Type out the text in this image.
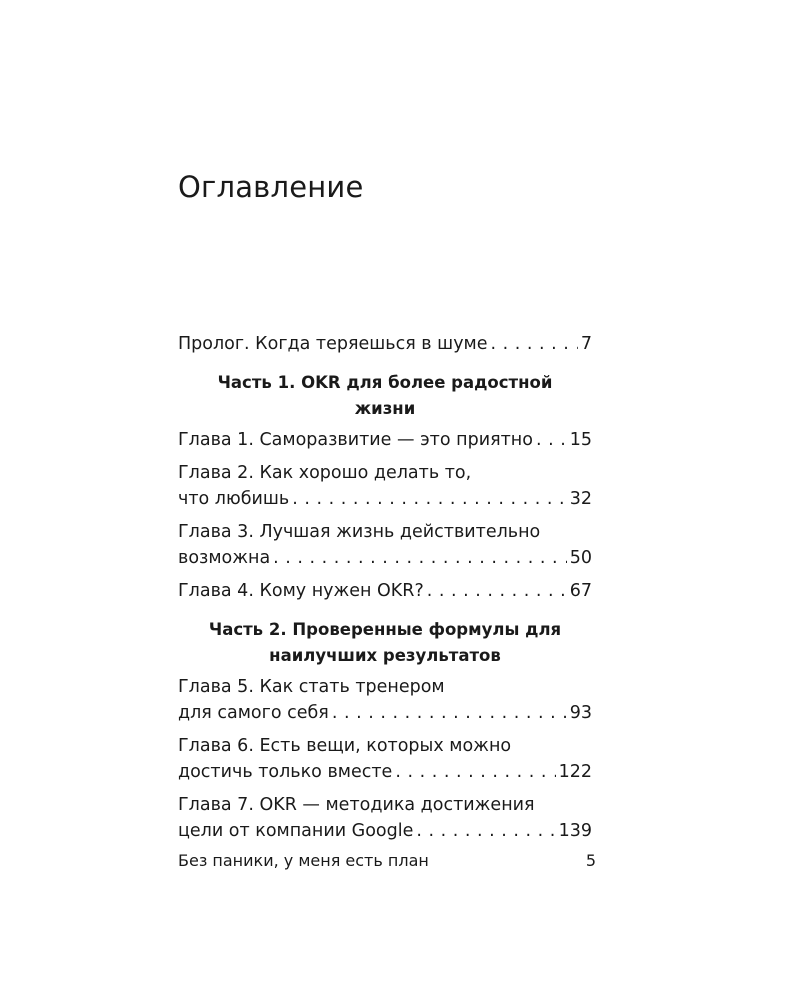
Оглавление
Пролог. Когда теряешься в шуме . . .	7
Часть 1. OKR для более радостной
жизни
Глава 1. Саморазвитие — это приятно . . . 15
Глава 2. Как хорошо делать то,
что любишь . . .	32
Глава 3. Лучшая жизнь действительно
возможна . . .	50
Глава 4. Кому нужен OKR? . . .	67
Часть 2. Проверенные формулы для
наилучших результатов
Глава 5. Как стать тренером
для самого себя . . .	93
Глава 6. Есть вещи, которых можно
достичь только вместе . . .	122
Глава 7. OKR — методика достижения
цели от компании Google . . .	139
Без паники, у меня есть план	5
